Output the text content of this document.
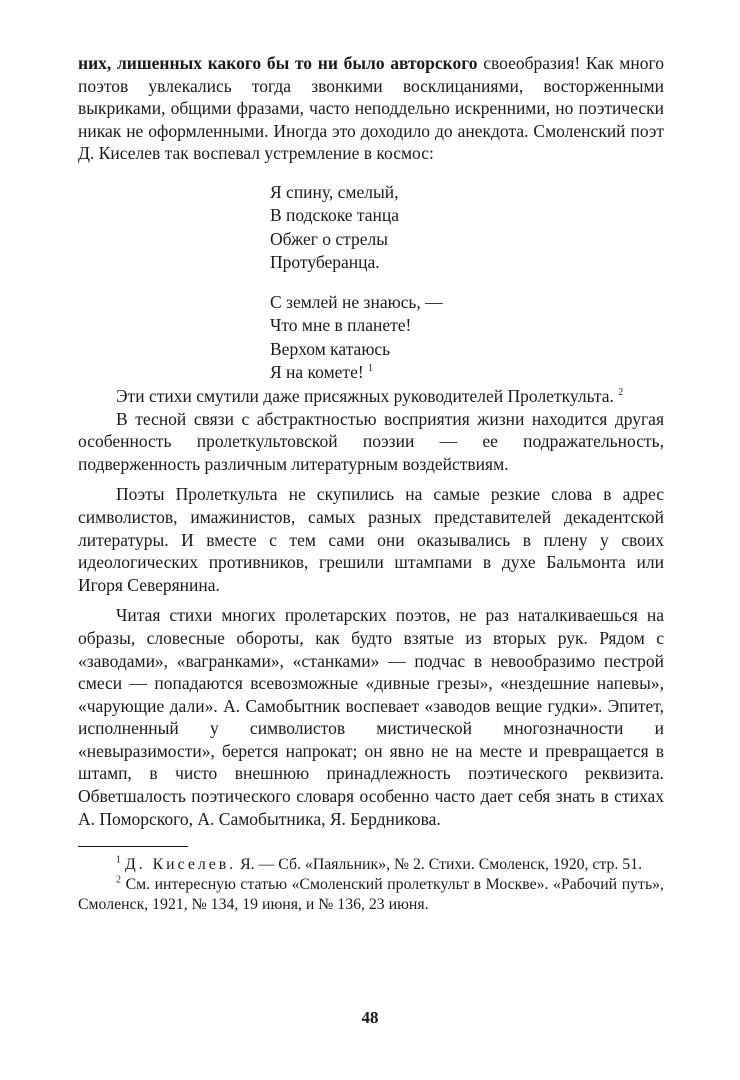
них, лишенных какого бы то ни было авторского своеобразия! Как много поэтов увлекались тогда звонкими восклицаниями, восторженными выкриками, общими фразами, часто неподдельно искренними, но поэтически никак не оформленными. Иногда это доходило до анекдота. Смоленский поэт Д. Киселев так воспевал устремление в космос:

Я спину, смелый,
В подскоке танца
Обжег о стрелы
Протуберанца.
С землей не знаюсь, —
Что мне в планете!
Верхом катаюсь
Я на комете! $^1$

Эти стихи смутили даже присяжных руководителей Пролеткульта. $^2$

В тесной связи с абстрактностью восприятия жизни находится другая особенность пролеткультовской поэзии — ее подражательность, подверженность различным литературным воздействиям.

Поэты Пролеткульта не скупились на самые резкие слова в адрес символистов, имажинистов, самых разных представителей декадентской литературы. И вместе с тем сами они оказывались в плену у своих идеологических противников, грешили штампами в духе Бальмонта или Игоря Северянина.

Читая стихи многих пролетарских поэтов, не раз наталкиваешься на образы, словесные обороты, как будто взятые из вторых рук. Рядом с «заводами», «вагранками», «станками» — подчас в невообразимо пестрой смеси — попадаются всевозможные «дивные грезы», «нездешние напевы», «чарующие дали». А. Самобытник воспевает «заводов вещие гудки». Эпитет, исполненный у символистов мистической многозначности и «невыразимости», берется напрокат; он явно не на месте и превращается в штамп, в чисто внешнюю принадлежность поэтического реквизита. Обветшалость поэтического словаря особенно часто дает себя знать в стихах А. Поморского, А. Самобытника, Я. Бердникова.

$^1$ Д. Киселев. Я. — Сб. «Паяльник», № 2. Стихи. Смоленск, 1920, стр. 51.

$^2$ См. интересную статью «Смоленский пролеткульт в Москве». «Рабочий путь», Смоленск, 1921, № 134, 19 июня, и № 136, 23 июня.

48
